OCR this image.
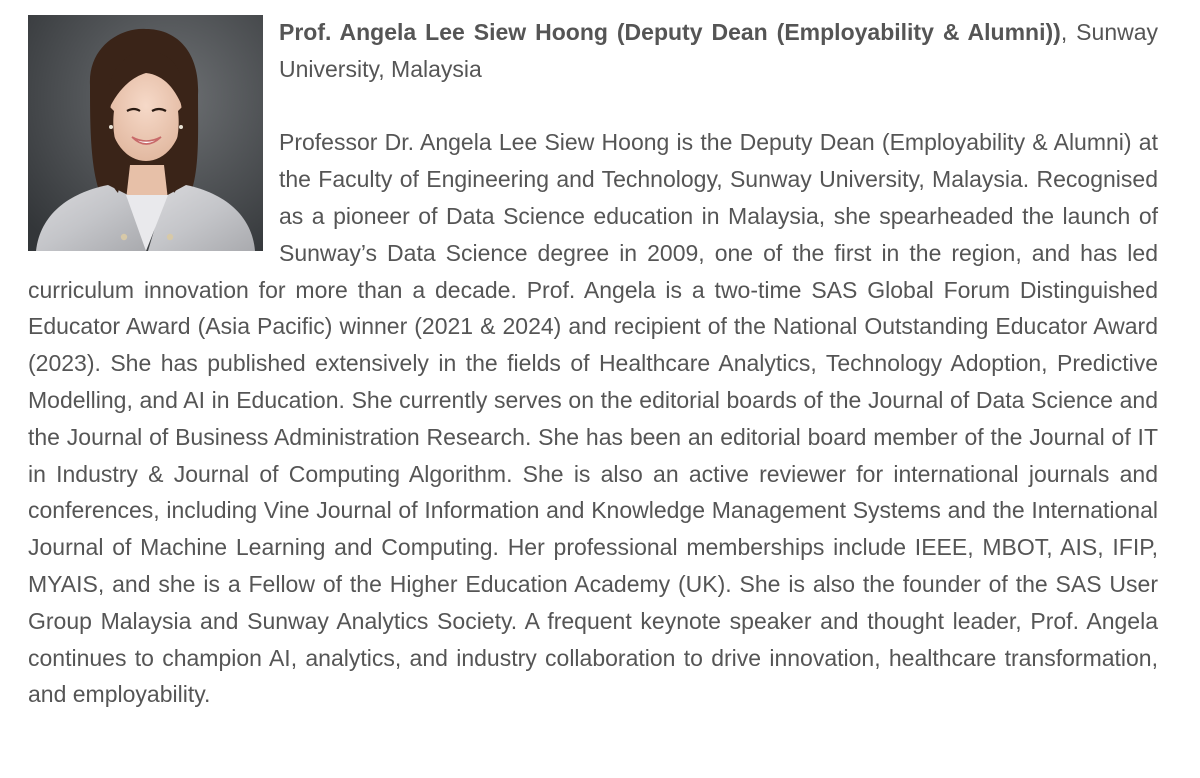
Prof. Angela Lee Siew Hoong (Deputy Dean (Employability & Alumni)), Sunway University, Malaysia

Professor Dr. Angela Lee Siew Hoong is the Deputy Dean (Employability & Alumni) at the Faculty of Engineering and Technology, Sunway University, Malaysia. Recognised as a pioneer of Data Science education in Malaysia, she spearheaded the launch of Sunway’s Data Science degree in 2009, one of the first in the region, and has led curriculum innovation for more than a decade. Prof. Angela is a two-time SAS Global Forum Distinguished Educator Award (Asia Pacific) winner (2021 & 2024) and recipient of the National Outstanding Educator Award (2023). She has published extensively in the fields of Healthcare Analytics, Technology Adoption, Predictive Modelling, and AI in Education. She currently serves on the editorial boards of the Journal of Data Science and the Journal of Business Administration Research. She has been an editorial board member of the Journal of IT in Industry & Journal of Computing Algorithm. She is also an active reviewer for international journals and conferences, including Vine Journal of Information and Knowledge Management Systems and the International Journal of Machine Learning and Computing. Her professional memberships include IEEE, MBOT, AIS, IFIP, MYAIS, and she is a Fellow of the Higher Education Academy (UK). She is also the founder of the SAS User Group Malaysia and Sunway Analytics Society. A frequent keynote speaker and thought leader, Prof. Angela continues to champion AI, analytics, and industry collaboration to drive innovation, healthcare transformation, and employability.
